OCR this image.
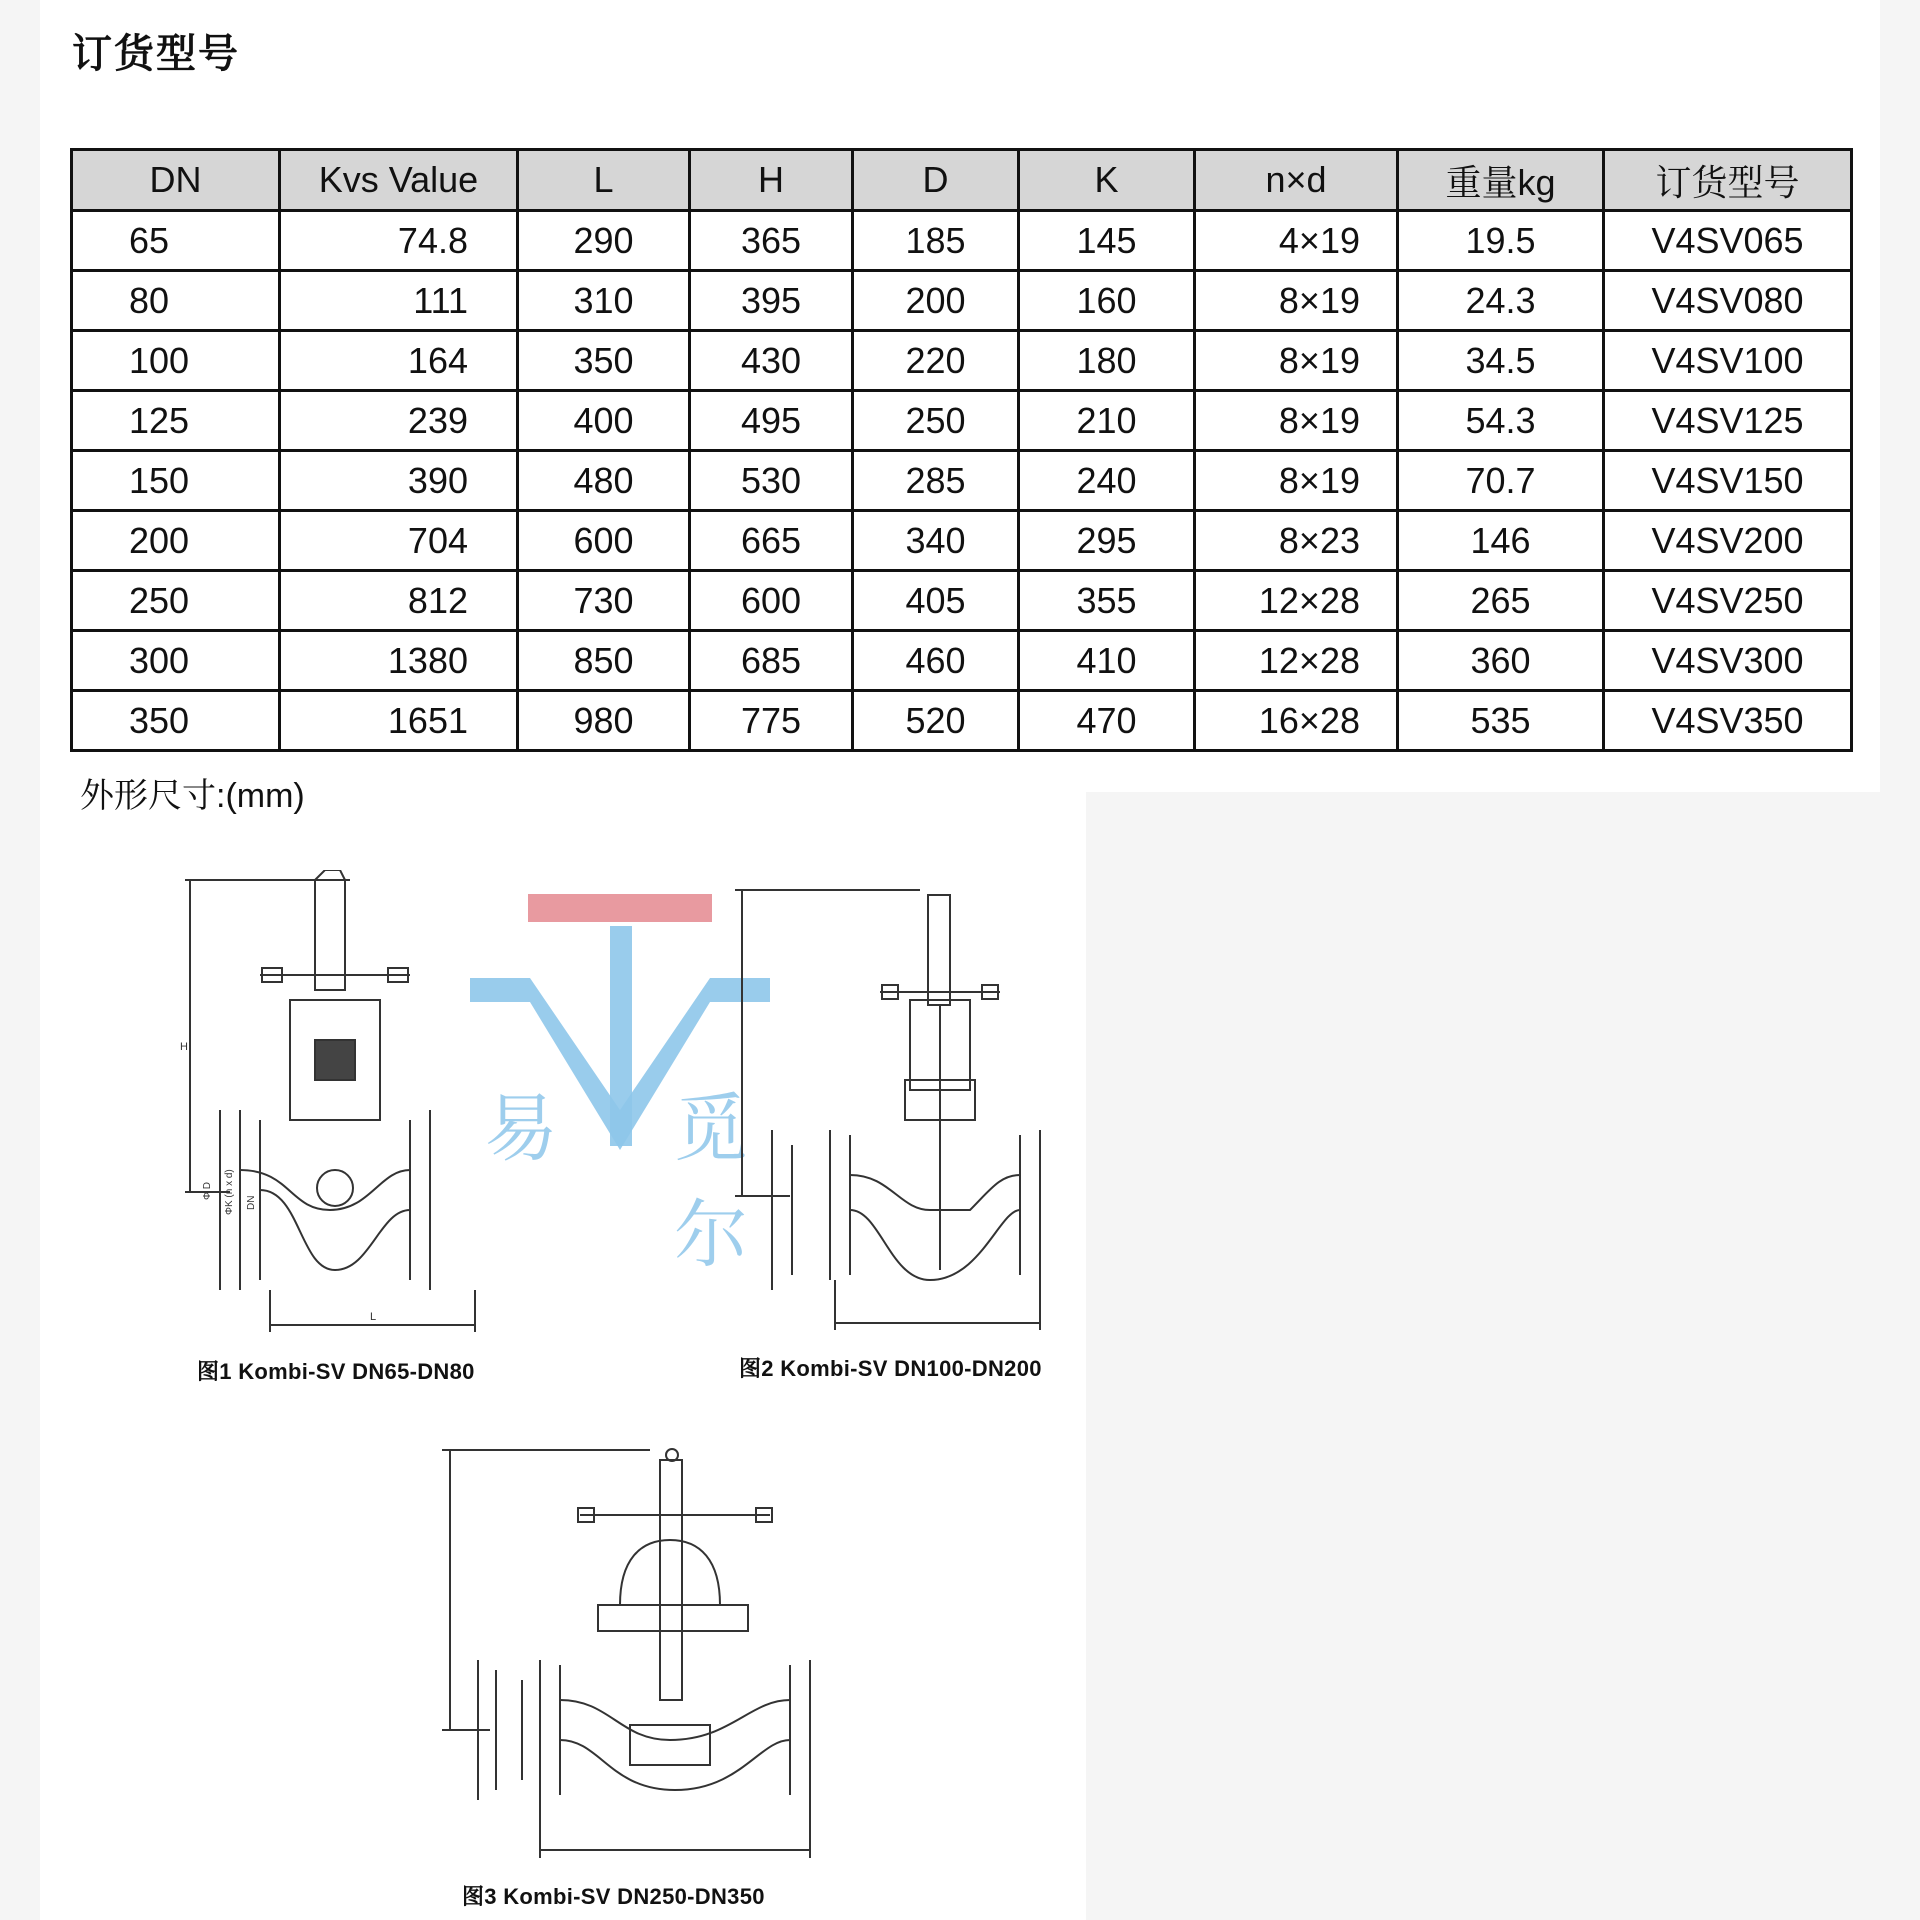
订货型号
DN	Kvs Value	L	H	D	K	n×d	重量kg	订货型号
65	74.8	290	365	185	145	4×19	19.5	V4SV065
80	111	310	395	200	160	8×19	24.3	V4SV080
100	164	350	430	220	180	8×19	34.5	V4SV100
125	239	400	495	250	210	8×19	54.3	V4SV125
150	390	480	530	285	240	8×19	70.7	V4SV150
200	704	600	665	340	295	8×23	146	V4SV200
250	812	730	600	405	355	12×28	265	V4SV250
300	1380	850	685	460	410	12×28	360	V4SV300
350	1651	980	775	520	470	16×28	535	V4SV350
外形尺寸:(mm)
易 觅尔
H
L
Φ D ΦK (n x d) DN
图1 Kombi-SV DN65-DN80	图2 Kombi-SV DN100-DN200
图3 Kombi-SV DN250-DN350
